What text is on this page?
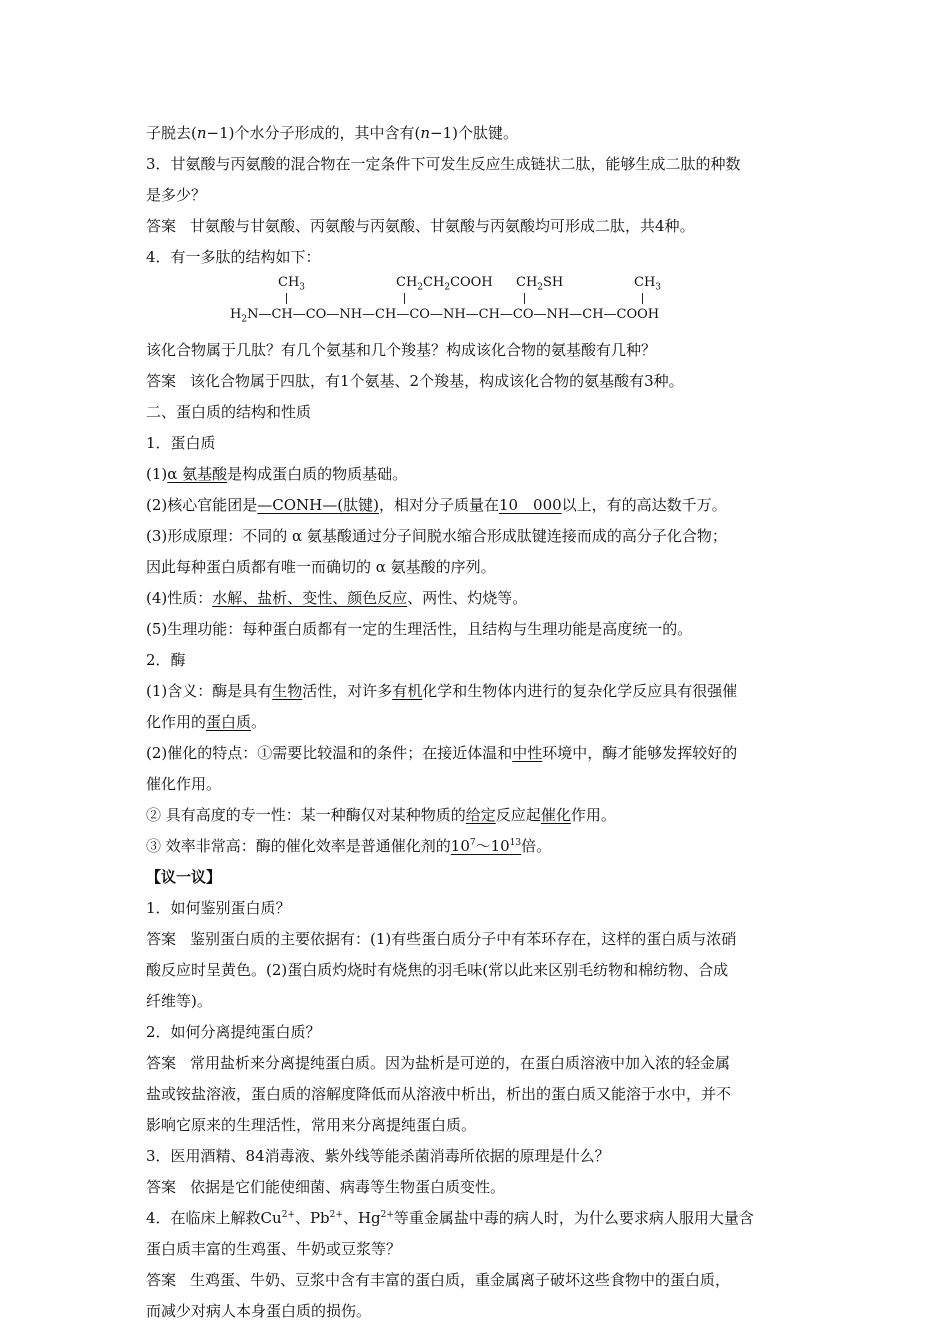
子脱去(n−1)个水分子形成的，其中含有(n−1)个肽键。
3．甘氨酸与丙氨酸的混合物在一定条件下可发生反应生成链状二肽，能够生成二肽的种数
是多少？
答案 甘氨酸与甘氨酸、丙氨酸与丙氨酸、甘氨酸与丙氨酸均可形成二肽，共4种。
4．有一多肽的结构如下：
$CH_3$	$CH_2CH_2COOH$ $CH_2SH$	$CH_3$
$H_2N—CH—CO—NH—CH—CO—NH—CH—CO—NH—CH—COOH$
该化合物属于几肽？有几个氨基和几个羧基？构成该化合物的氨基酸有几种？
答案 该化合物属于四肽，有1个氨基、2个羧基，构成该化合物的氨基酸有3种。
二、蛋白质的结构和性质
1．蛋白质
(1)α 氨基酸是构成蛋白质的物质基础。
(2)核心官能团是—CONH—(肽键)，相对分子质量在10　000以上，有的高达数千万。
(3)形成原理：不同的 α 氨基酸通过分子间脱水缩合形成肽键连接而成的高分子化合物；
因此每种蛋白质都有唯一而确切的 α 氨基酸的序列。
(4)性质：水解、盐析、变性、颜色反应、两性、灼烧等。
(5)生理功能：每种蛋白质都有一定的生理活性，且结构与生理功能是高度统一的。
2．酶
(1)含义：酶是具有生物活性，对许多有机化学和生物体内进行的复杂化学反应具有很强催
化作用的蛋白质。
(2)催化的特点：①需要比较温和的条件；在接近体温和中性环境中，酶才能够发挥较好的
催化作用。
② 具有高度的专一性：某一种酶仅对某种物质的给定反应起催化作用。
③ 效率非常高：酶的催化效率是普通催化剂的$10^7\sim 10^{13}$倍。
【议一议】
1．如何鉴别蛋白质？
答案 鉴别蛋白质的主要依据有：(1)有些蛋白质分子中有苯环存在，这样的蛋白质与浓硝
酸反应时呈黄色。(2)蛋白质灼烧时有烧焦的羽毛味(常以此来区别毛纺物和棉纺物、合成
纤维等)。
2．如何分离提纯蛋白质？
答案 常用盐析来分离提纯蛋白质。因为盐析是可逆的，在蛋白质溶液中加入浓的轻金属
盐或铵盐溶液，蛋白质的溶解度降低而从溶液中析出，析出的蛋白质又能溶于水中，并不
影响它原来的生理活性，常用来分离提纯蛋白质。
3．医用酒精、84消毒液、紫外线等能杀菌消毒所依据的原理是什么？
答案 依据是它们能使细菌、病毒等生物蛋白质变性。
4．在临床上解救$Cu^{2+}$、$Pb^{2+}$、$Hg^{2+}$等重金属盐中毒的病人时，为什么要求病人服用大量含
蛋白质丰富的生鸡蛋、牛奶或豆浆等？
答案 生鸡蛋、牛奶、豆浆中含有丰富的蛋白质，重金属离子破坏这些食物中的蛋白质，
而减少对病人本身蛋白质的损伤。
